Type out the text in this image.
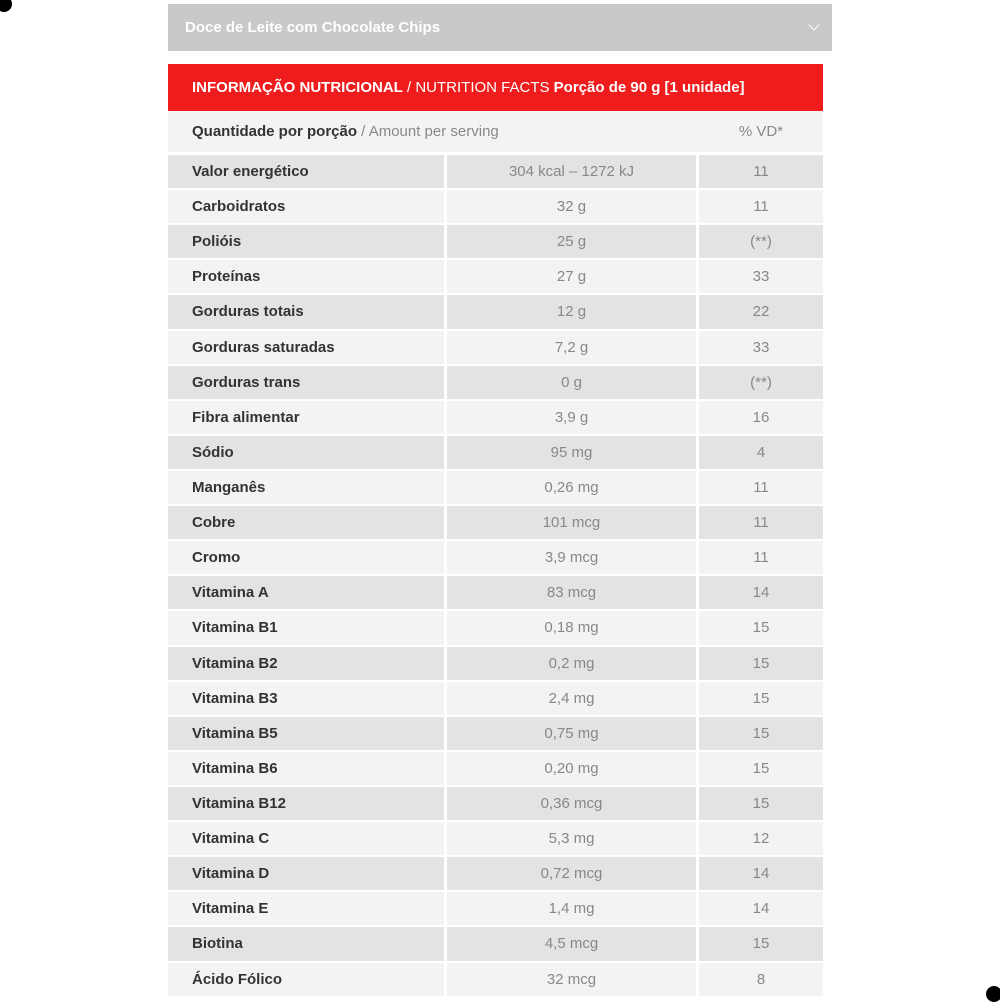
Doce de Leite com Chocolate Chips
INFORMAÇÃO NUTRICIONAL / NUTRITION FACTS Porção de 90 g [1 unidade]
Quantidade por porção / Amount per serving	% VD*
Valor energético	304 kcal – 1272 kJ	11
Carboidratos	32 g	11
Polióis	25 g	(**)
Proteínas	27 g	33
Gorduras totais	12 g	22
Gorduras saturadas	7,2 g	33
Gorduras trans	0 g	(**)
Fibra alimentar	3,9 g	16
Sódio	95 mg	4
Manganês	0,26 mg	11
Cobre	101 mcg	11
Cromo	3,9 mcg	11
Vitamina A	83 mcg	14
Vitamina B1	0,18 mg	15
Vitamina B2	0,2 mg	15
Vitamina B3	2,4 mg	15
Vitamina B5	0,75 mg	15
Vitamina B6	0,20 mg	15
Vitamina B12	0,36 mcg	15
Vitamina C	5,3 mg	12
Vitamina D	0,72 mcg	14
Vitamina E	1,4 mg	14
Biotina	4,5 mcg	15
Ácido Fólico	32 mcg	8
